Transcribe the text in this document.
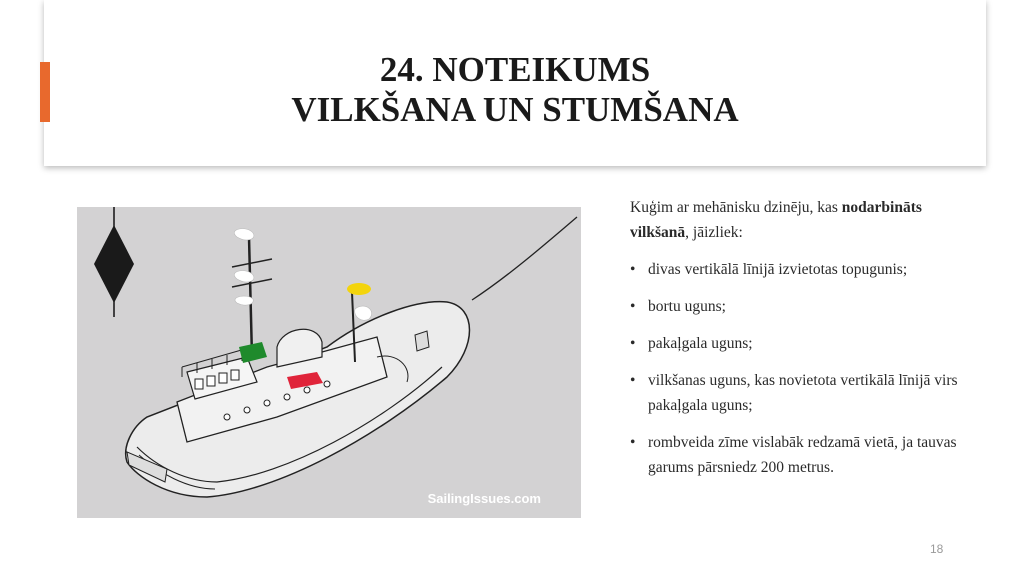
24. NOTEIKUMS
VILKŠANA UN STUMŠANA
SailingIssues.com

Kuģim ar mehānisku dzinēju, kas nodarbināts vilkšanā, jāizliek:

• divas vertikālā līnijā izvietotas topugunis;
• bortu uguns;
• pakaļgala uguns;
• vilkšanas uguns, kas novietota vertikālā līnijā virs pakaļgala uguns;
• rombveida zīme vislabāk redzamā vietā, ja tauvas garums pārsniedz 200 metrus.
18
